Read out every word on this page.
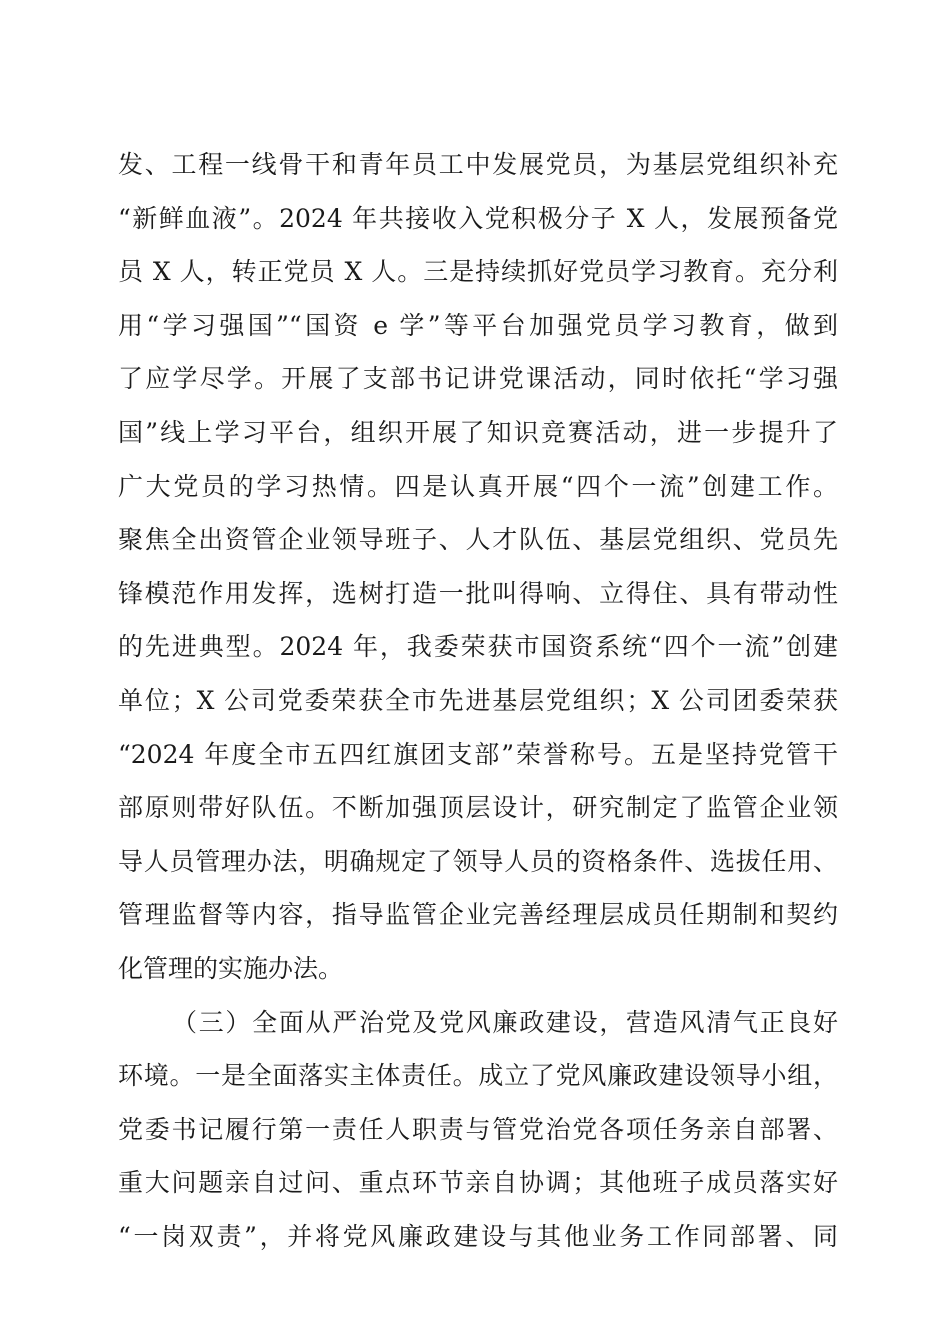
发、工程一线骨干和青年员工中发展党员，为基层党组织补充
“新鲜血液”。2024 年共接收入党积极分子 X 人，发展预备党
员 X 人，转正党员 X 人。三是持续抓好党员学习教育。充分利
用“学习强国”“国资 e 学”等平台加强党员学习教育，做到
了应学尽学。开展了支部书记讲党课活动，同时依托“学习强
国”线上学习平台，组织开展了知识竞赛活动，进一步提升了
广大党员的学习热情。四是认真开展“四个一流”创建工作。
聚焦全出资管企业领导班子、人才队伍、基层党组织、党员先
锋模范作用发挥，选树打造一批叫得响、立得住、具有带动性
的先进典型。2024 年，我委荣获市国资系统“四个一流”创建
单位；X 公司党委荣获全市先进基层党组织；X 公司团委荣获
“2024 年度全市五四红旗团支部”荣誉称号。五是坚持党管干
部原则带好队伍。不断加强顶层设计，研究制定了监管企业领
导人员管理办法，明确规定了领导人员的资格条件、选拔任用、
管理监督等内容，指导监管企业完善经理层成员任期制和契约
化管理的实施办法。
（三）全面从严治党及党风廉政建设，营造风清气正良好
环境。一是全面落实主体责任。成立了党风廉政建设领导小组，
党委书记履行第一责任人职责与管党治党各项任务亲自部署、
重大问题亲自过问、重点环节亲自协调；其他班子成员落实好
“一岗双责”，并将党风廉政建设与其他业务工作同部署、同
